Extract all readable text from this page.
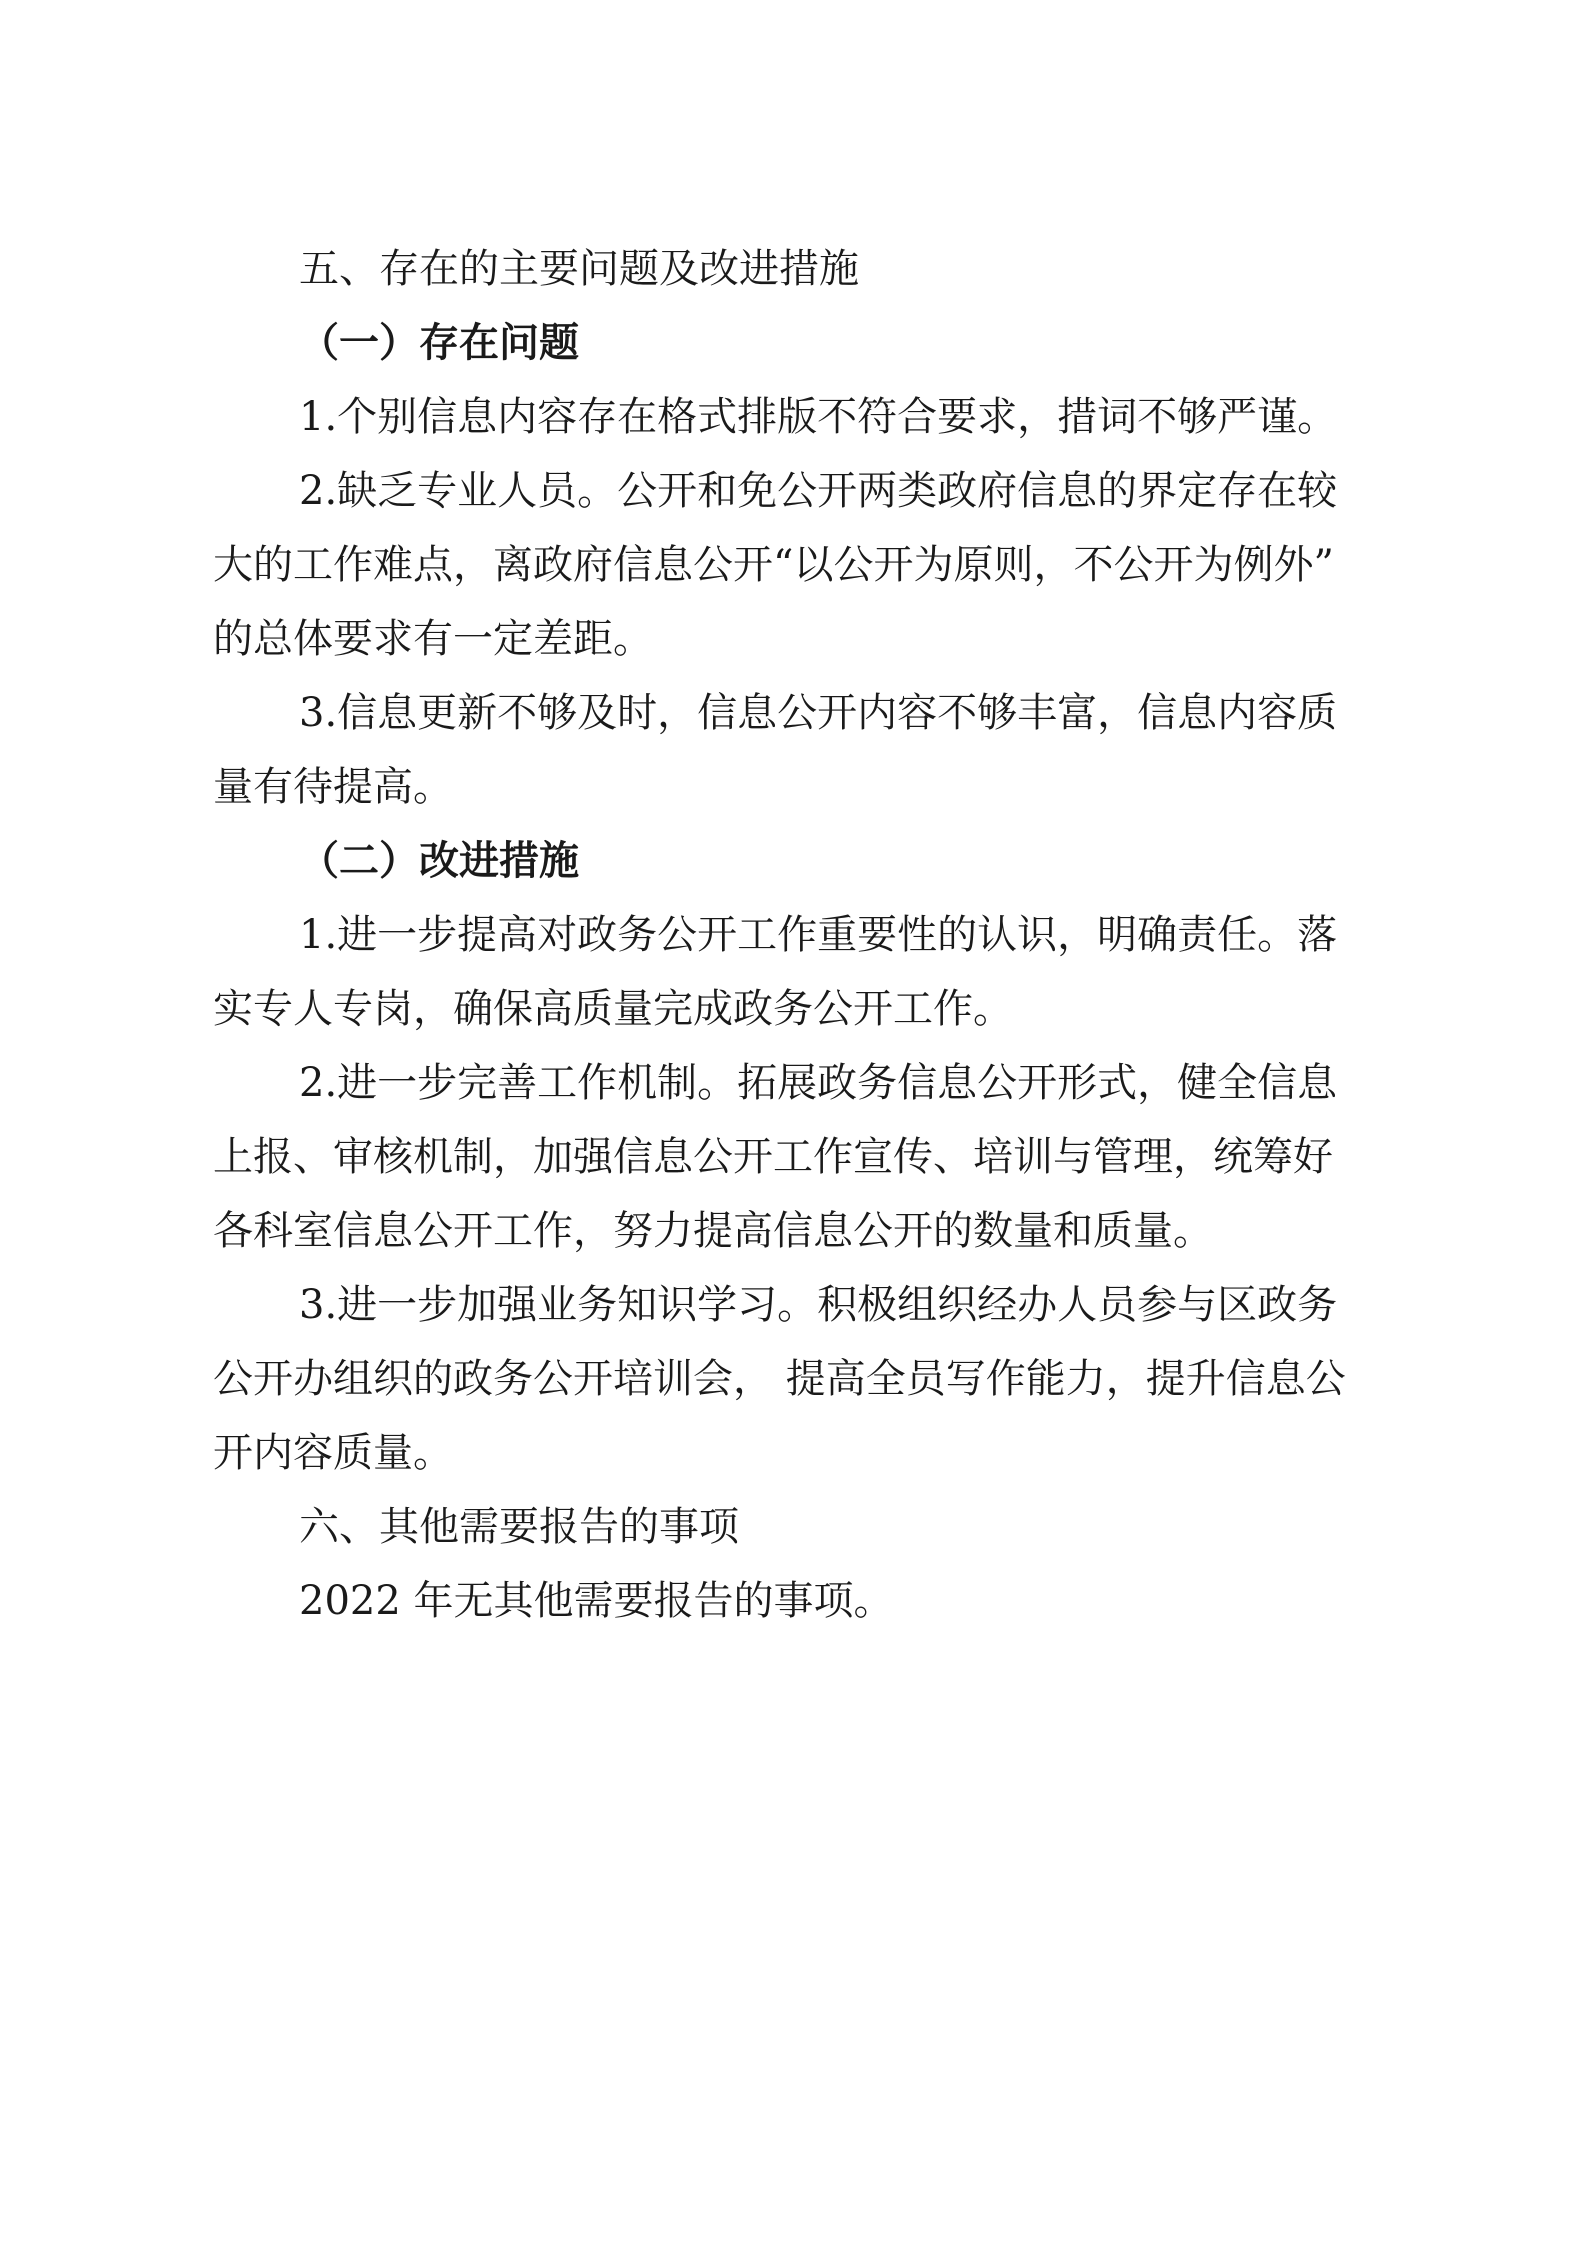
五、存在的主要问题及改进措施
（一）存在问题
1.个别信息内容存在格式排版不符合要求，措词不够严谨。
2.缺乏专业人员。公开和免公开两类政府信息的界定存在较
大的工作难点，离政府信息公开“以公开为原则，不公开为例外”
的总体要求有一定差距。
3.信息更新不够及时，信息公开内容不够丰富，信息内容质
量有待提高。
（二）改进措施
1.进一步提高对政务公开工作重要性的认识，明确责任。落
实专人专岗，确保高质量完成政务公开工作。
2.进一步完善工作机制。拓展政务信息公开形式，健全信息
上报、审核机制，加强信息公开工作宣传、培训与管理，统筹好
各科室信息公开工作，努力提高信息公开的数量和质量。
3.进一步加强业务知识学习。积极组织经办人员参与区政务
公开办组织的政务公开培训会， 提高全员写作能力，提升信息公
开内容质量。
六、其他需要报告的事项
2022 年无其他需要报告的事项。
